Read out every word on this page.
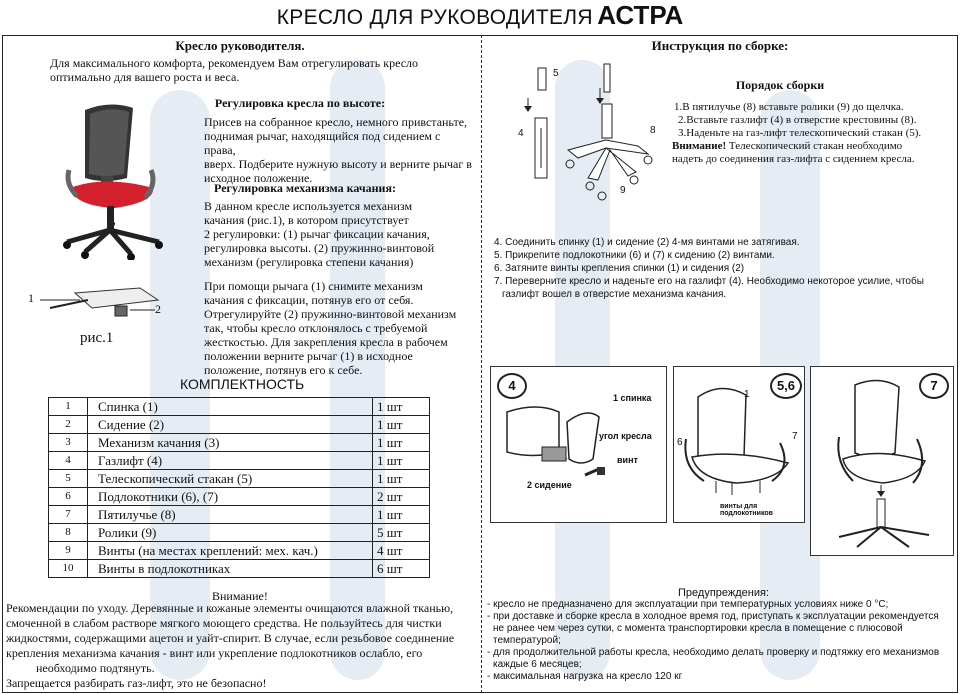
КРЕСЛО ДЛЯ РУКОВОДИТЕЛЯ АСТРА
Кресло руководителя.
Для максимального комфорта, рекомендуем Вам отрегулировать кресло
оптимально для вашего роста и веса.
Регулировка кресла по высоте:
Присев на собранное кресло, немного привстаньте,
поднимая рычаг, находящийся под сидением с права,
вверх. Подберите нужную высоту и верните рычаг в
исходное положение.
Регулировка механизма качания:
В данном кресле используется механизм
качания (рис.1), в котором присутствует
2 регулировки: (1) рычаг фиксации качания,
регулировка высоты. (2) пружинно-винтовой
механизм (регулировка степени качания)
При помощи рычага (1) снимите механизм
качания с фиксации, потянув его от себя.
Отрегулируйте (2) пружинно-винтовой механизм
так, чтобы кресло отклонялось с требуемой
жесткостью. Для закрепления кресла в рабочем
положении верните рычаг (1) в исходное
положение, потянув его к себе.
1
2
рис.1
КОМПЛЕКТНОСТЬ
1	Спинка (1)	1 шт
2	Сидение (2)	1 шт
3	Механизм качания (3)	1 шт
4	Газлифт (4)	1 шт
5	Телескопический стакан (5)	1 шт
6	Подлокотники (6), (7)	2 шт
7	Пятилучье (8)	1 шт
8	Ролики (9)	5 шт
9	Винты (на местах креплений: мех. кач.)	4 шт
10	Винты в подлокотниках	6 шт
Внимание!
Рекомендации по уходу. Деревянные и кожаные элементы очищаются влажной тканью,
смоченной в слабом растворе мягкого моющего средства. Не пользуйтесь для чистки
жидкостями, содержащими ацетон и уайт-спирит. В случае, если резьбовое соединение
крепления механизма качания - винт или укрепление подлокотников ослабло, его
необходимо подтянуть.
Запрещается разбирать газ-лифт, это не безопасно!
Инструкция по сборке:
5
4	8
9
Порядок сборки
1.В пятилучье (8) вставьте ролики (9) до щелчка.
2.Вставьте газлифт (4) в отверстие крестовины (8).
3.Наденьте на газ-лифт телескопический стакан (5).
Внимание! Телескопический стакан необходимо
надеть до соединения газ-лифта с сидением кресла.
4. Соединить спинку (1) и сидение (2) 4-мя винтами не затягивая.
5. Прикрепите подлокотники (6) и (7) к сидению (2) винтами.
6. Затяните винты крепления спинки (1) и сидения (2)
7. Переверните кресло и наденьте его на газлифт (4). Необходимо некоторое усилие, чтобы
газлифт вошел в отверстие механизма качания.
4
1 спинка
угол кресла
винт
2 сидение
5,6
1
6
7
винты для подлокотников
7
Предупреждения:
- кресло не предназначено для эксплуатации при температурных условиях ниже 0 °С;
- при доставке и сборке кресла в холодное время год, приступать к эксплуатации рекомендуется
не ранее чем через сутки, с момента транспортировки кресла в помещение с плюсовой
температурой;
- для продолжительной работы кресла, необходимо делать проверку и подтяжку его механизмов
каждые 6 месяцев;
- максимальная нагрузка на кресло 120 кг
